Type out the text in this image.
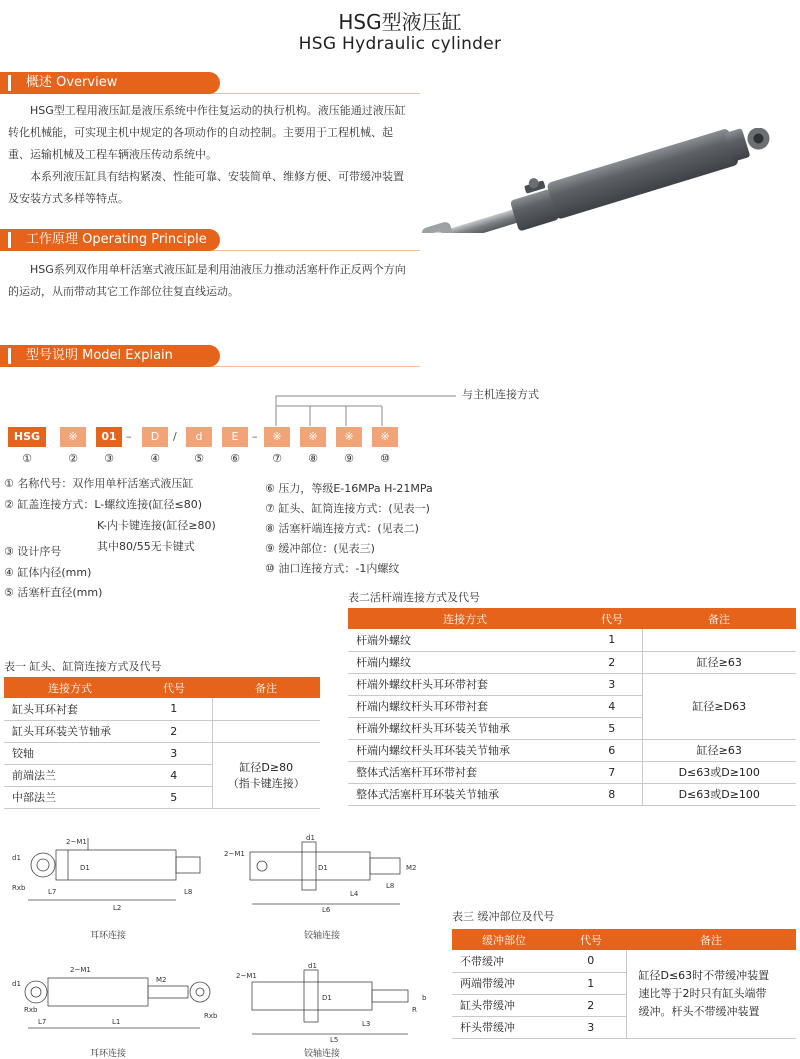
HSG型液压缸
HSG Hydraulic cylinder
概述 Overview
HSG型工程用液压缸是液压系统中作往复运动的执行机构。液压能通过液压缸转化机械能，可实现主机中规定的各项动作的自动控制。主要用于工程机械、起重、运输机械及工程车辆液压传动系统中。
本系列液压缸具有结构紧凑、性能可靠、安装简单、维修方便、可带缓冲装置及安装方式多样等特点。
工作原理 Operating Principle
HSG系列双作用单杆活塞式液压缸是利用油液压力推动活塞杆作正反两个方向的运动，从而带动其它工作部位往复直线运动。
型号说明 Model Explain
与主机连接方式
HSG	※	01 –	D	/	d	E	–	※	※	※	※
①	②	③	④	⑤	⑥	⑦	⑧	⑨	⑩
① 名称代号：双作用单杆活塞式液压缸
② 缸盖连接方式：L-螺纹连接(缸径≤80)
K-内卡键连接(缸径≥80)
其中80/55无卡键式
③ 设计序号
④ 缸体内径(mm)
⑤ 活塞杆直径(mm)
⑥ 压力，等级E-16MPa H-21MPa
⑦ 缸头、缸筒连接方式：(见表一)
⑧ 活塞杆端连接方式：(见表二)
⑨ 缓冲部位：(见表三)
⑩ 油口连接方式：-1内螺纹
表二活杆端连接方式及代号
连接方式	代号	备注
杆端外螺纹	1	
杆端内螺纹	2	缸径≥63
杆端外螺纹杆头耳环带衬套	3	缸径≥D63
杆端内螺纹杆头耳环带衬套	4	
杆端外螺纹杆头耳环装关节轴承	5	
杆端内螺纹杆头耳环装关节轴承	6	缸径≥63
整体式活塞杆耳环带衬套	7	D≤63或D≥100
整体式活塞杆耳环装关节轴承	8	D≤63或D≥100
表一 缸头、缸筒连接方式及代号
连接方式	代号	备注
缸头耳环衬套	1	
缸头耳环装关节轴承	2	
铰轴	3	缸径D≥80
（指卡键连接）

前端法兰	4	
中部法兰	5	
d1
2~M1
Rxb
D1
L2
L7	L8
耳环连接
2~M1
d1
D1
L4
L6
L8
M2
铰轴连接
d1
2~M1
Rxb
Rxb
L1
L7
M2
耳环连接
2~M1
d1
D1
L3
L5
R
b
铰轴连接
表三 缓冲部位及代号
缓冲部位	代号	备注
不带缓冲	0	缸径D≤63时不带缓冲装置
速比等于2时只有缸头端带
缓冲。杆头不带缓冲装置

两端带缓冲	1	
缸头带缓冲	2	
杆头带缓冲	3	
